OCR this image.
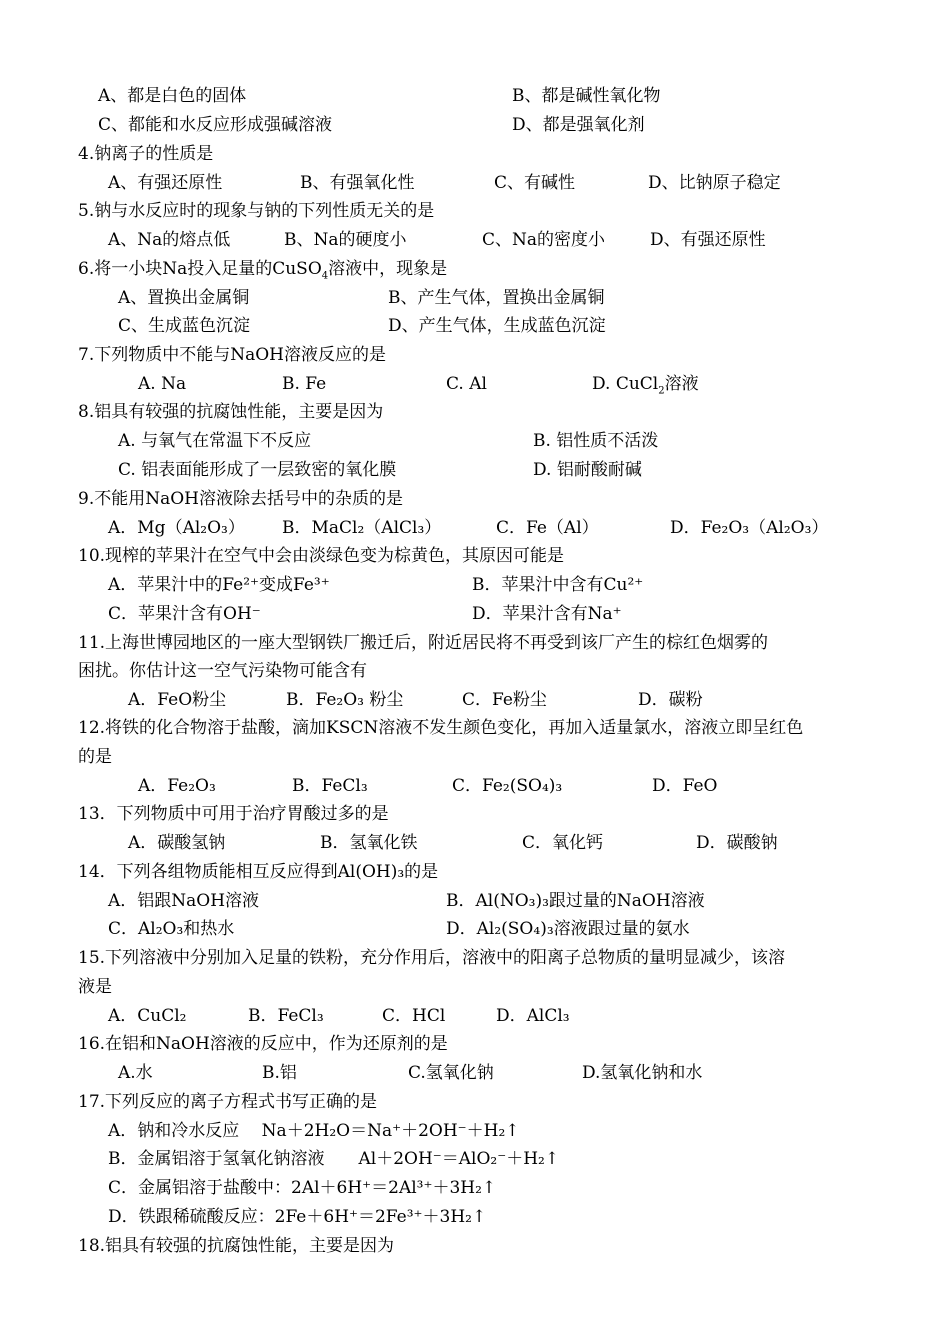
A、都是白色的固体	B、都是碱性氧化物
C、都能和水反应形成强碱溶液	D、都是强氧化剂
4.钠离子的性质是
A、有强还原性	B、有强氧化性	C、有碱性	D、比钠原子稳定
5.钠与水反应时的现象与钠的下列性质无关的是
A、Na的熔点低	B、Na的硬度小	C、Na的密度小	D、有强还原性
6.将一小块Na投入足量的CuSO$_4$溶液中，现象是
A、置换出金属铜	B、产生气体，置换出金属铜
C、生成蓝色沉淀	D、产生气体，生成蓝色沉淀
7.下列物质中不能与NaOH溶液反应的是
A. Na	B. Fe	C. Al	D. CuCl$_2$溶液
8.铝具有较强的抗腐蚀性能，主要是因为
A. 与氧气在常温下不反应	B. 铝性质不活泼
C. 铝表面能形成了一层致密的氧化膜	D. 铝耐酸耐碱
9.不能用NaOH溶液除去括号中的杂质的是
A．Mg（Al₂O₃） B．MaCl₂（AlCl₃）	C．Fe（Al）	D．Fe₂O₃（Al₂O₃）
10.现榨的苹果汁在空气中会由淡绿色变为棕黄色，其原因可能是
A．苹果汁中的Fe²⁺变成Fe³⁺	B．苹果汁中含有Cu²⁺
C．苹果汁含有OH⁻	D．苹果汁含有Na⁺
11.上海世博园地区的一座大型钢铁厂搬迁后，附近居民将不再受到该厂产生的棕红色烟雾的
困扰。你估计这一空气污染物可能含有
A．FeO粉尘	B．Fe₂O₃ 粉尘	C．Fe粉尘	D．碳粉
12.将铁的化合物溶于盐酸，滴加KSCN溶液不发生颜色变化，再加入适量氯水，溶液立即呈红色
的是
A．Fe₂O₃	B．FeCl₃	C．Fe₂(SO₄)₃	D．FeO
13．下列物质中可用于治疗胃酸过多的是
A．碳酸氢钠	B．氢氧化铁	C．氧化钙	D．碳酸钠
14．下列各组物质能相互反应得到Al(OH)₃的是
A．铝跟NaOH溶液	B．Al(NO₃)₃跟过量的NaOH溶液
C．Al₂O₃和热水	D．Al₂(SO₄)₃溶液跟过量的氨水
15.下列溶液中分别加入足量的铁粉，充分作用后，溶液中的阳离子总物质的量明显减少，该溶
液是
A．CuCl₂	B．FeCl₃	C．HCl	D．AlCl₃
16.在铝和NaOH溶液的反应中，作为还原剂的是
A.水	B.铝	C.氢氧化钠	D.氢氧化钠和水
17.下列反应的离子方程式书写正确的是
A．钠和冷水反应　 Na＋2H₂O＝Na⁺＋2OH⁻＋H₂↑
B．金属铝溶于氢氧化钠溶液　　Al＋2OH⁻＝AlO₂⁻＋H₂↑
C．金属铝溶于盐酸中：2Al＋6H⁺＝2Al³⁺＋3H₂↑
D．铁跟稀硫酸反应：2Fe＋6H⁺＝2Fe³⁺＋3H₂↑
18.铝具有较强的抗腐蚀性能，主要是因为
